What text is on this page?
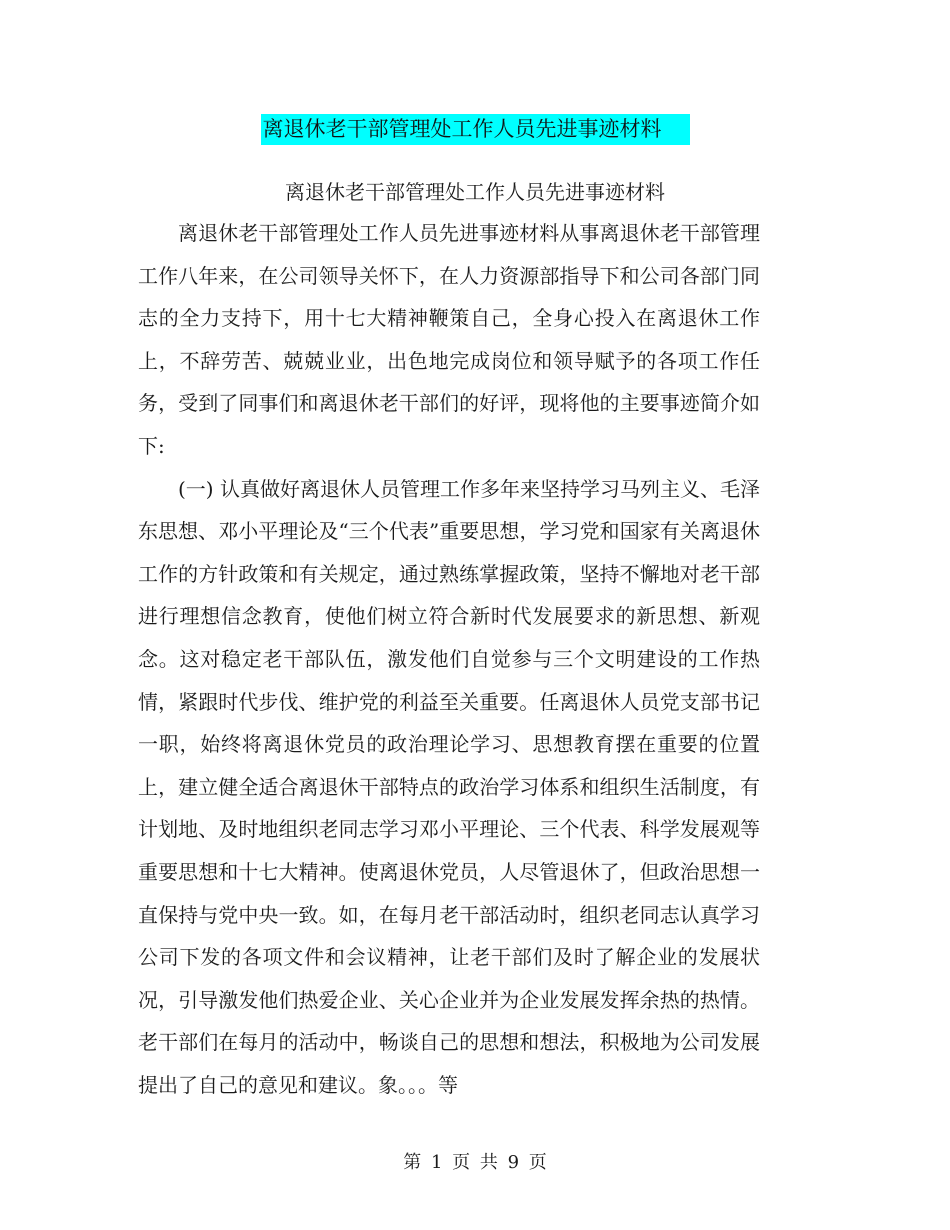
离退休老干部管理处工作人员先进事迹材料
离退休老干部管理处工作人员先进事迹材料

离退休老干部管理处工作人员先进事迹材料从事离退休老干部管理工作八年来，在公司领导关怀下，在人力资源部指导下和公司各部门同志的全力支持下，用十七大精神鞭策自己，全身心投入在离退休工作上，不辞劳苦、兢兢业业，出色地完成岗位和领导赋予的各项工作任务，受到了同事们和离退休老干部们的好评，现将他的主要事迹简介如下:

(一) 认真做好离退休人员管理工作多年来坚持学习马列主义、毛泽东思想、邓小平理论及“三个代表”重要思想，学习党和国家有关离退休工作的方针政策和有关规定，通过熟练掌握政策，坚持不懈地对老干部进行理想信念教育，使他们树立符合新时代发展要求的新思想、新观念。这对稳定老干部队伍，激发他们自觉参与三个文明建设的工作热情，紧跟时代步伐、维护党的利益至关重要。任离退休人员党支部书记一职，始终将离退休党员的政治理论学习、思想教育摆在重要的位置上，建立健全适合离退休干部特点的政治学习体系和组织生活制度，有计划地、及时地组织老同志学习邓小平理论、三个代表、科学发展观等重要思想和十七大精神。使离退休党员，人尽管退休了，但政治思想一直保持与党中央一致。如，在每月老干部活动时，组织老同志认真学习公司下发的各项文件和会议精神，让老干部们及时了解企业的发展状况，引导激发他们热爱企业、关心企业并为企业发展发挥余热的热情。老干部们在每月的活动中，畅谈自己的思想和想法，积极地为公司发展提出了自己的意见和建议。象。。。等

第 1 页 共 9 页
